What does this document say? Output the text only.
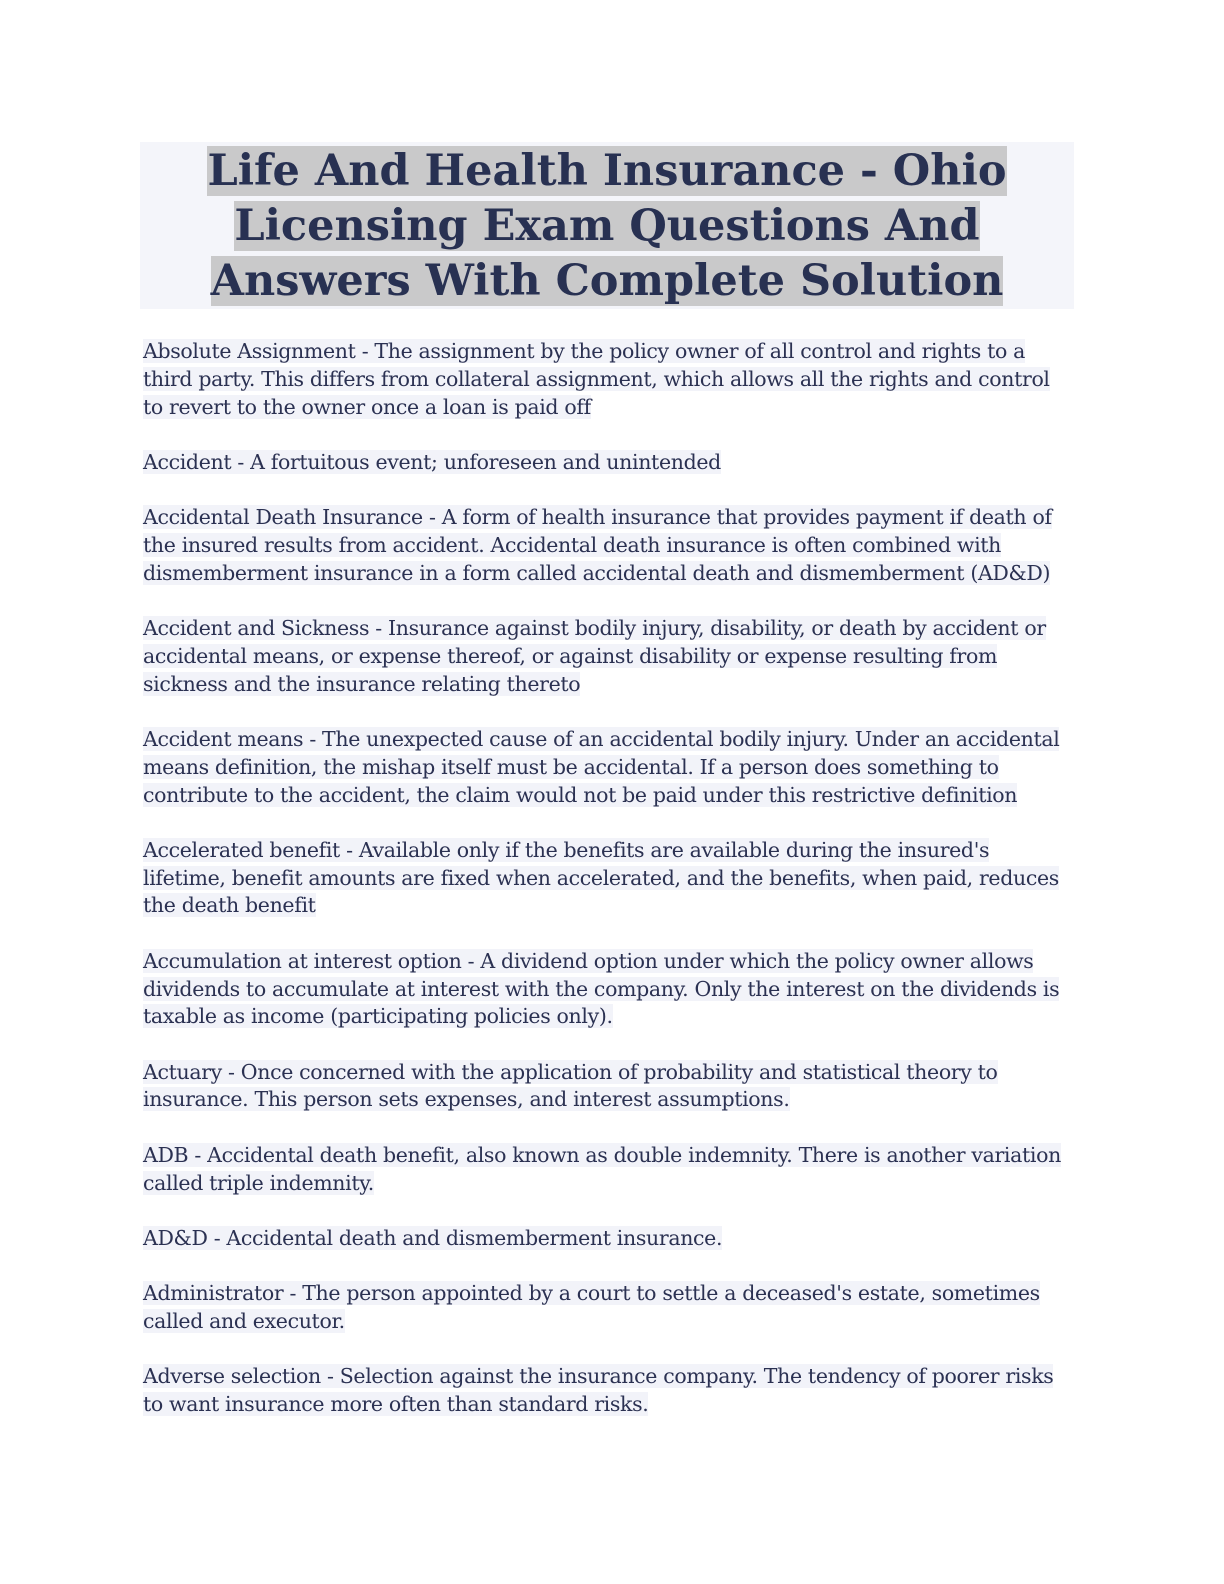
Life And Health Insurance - Ohio Licensing Exam Questions And Answers With Complete Solution

Absolute Assignment - The assignment by the policy owner of all control and rights to a third party. This differs from collateral assignment, which allows all the rights and control to revert to the owner once a loan is paid off

Accident - A fortuitous event; unforeseen and unintended

Accidental Death Insurance - A form of health insurance that provides payment if death of the insured results from accident. Accidental death insurance is often combined with dismemberment insurance in a form called accidental death and dismemberment (AD&D)

Accident and Sickness - Insurance against bodily injury, disability, or death by accident or accidental means, or expense thereof, or against disability or expense resulting from sickness and the insurance relating thereto

Accident means - The unexpected cause of an accidental bodily injury. Under an accidental means definition, the mishap itself must be accidental. If a person does something to contribute to the accident, the claim would not be paid under this restrictive definition

Accelerated benefit - Available only if the benefits are available during the insured's lifetime, benefit amounts are fixed when accelerated, and the benefits, when paid, reduces the death benefit

Accumulation at interest option - A dividend option under which the policy owner allows dividends to accumulate at interest with the company. Only the interest on the dividends is taxable as income (participating policies only).

Actuary - Once concerned with the application of probability and statistical theory to insurance. This person sets expenses, and interest assumptions.

ADB - Accidental death benefit, also known as double indemnity. There is another variation called triple indemnity.

AD&D - Accidental death and dismemberment insurance.

Administrator - The person appointed by a court to settle a deceased's estate, sometimes called and executor.

Adverse selection - Selection against the insurance company. The tendency of poorer risks to want insurance more often than standard risks.
